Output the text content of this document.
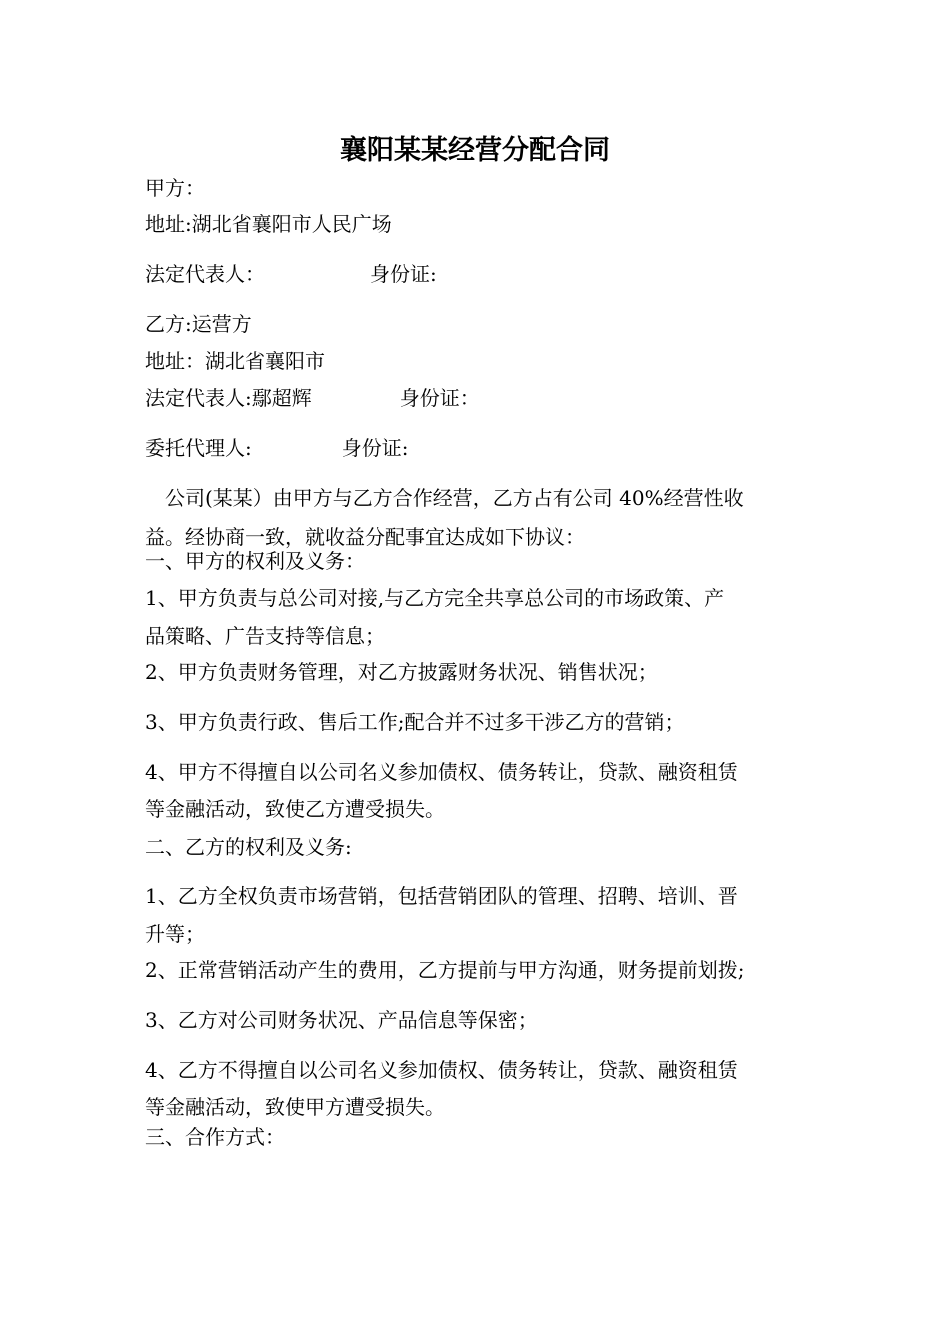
襄阳某某经营分配合同
甲方：
地址:湖北省襄阳市人民广场
法定代表人：	身份证:
乙方:运营方
地址：湖北省襄阳市
法定代表人:鄢超辉	身份证：
委托代理人:	身份证:
公司(某某）由甲方与乙方合作经营，乙方占有公司 40%经营性收
益。经协商一致，就收益分配事宜达成如下协议：
一、甲方的权利及义务：
1、甲方负责与总公司对接,与乙方完全共享总公司的市场政策、产
品策略、广告支持等信息；
2、甲方负责财务管理，对乙方披露财务状况、销售状况；
3、甲方负责行政、售后工作;配合并不过多干涉乙方的营销；
4、甲方不得擅自以公司名义参加债权、债务转让，贷款、融资租赁
等金融活动，致使乙方遭受损失。
二、乙方的权利及义务:
1、乙方全权负责市场营销，包括营销团队的管理、招聘、培训、晋
升等；
2、正常营销活动产生的费用，乙方提前与甲方沟通，财务提前划拨;
3、乙方对公司财务状况、产品信息等保密；
4、乙方不得擅自以公司名义参加债权、债务转让，贷款、融资租赁
等金融活动，致使甲方遭受损失。
三、合作方式：
